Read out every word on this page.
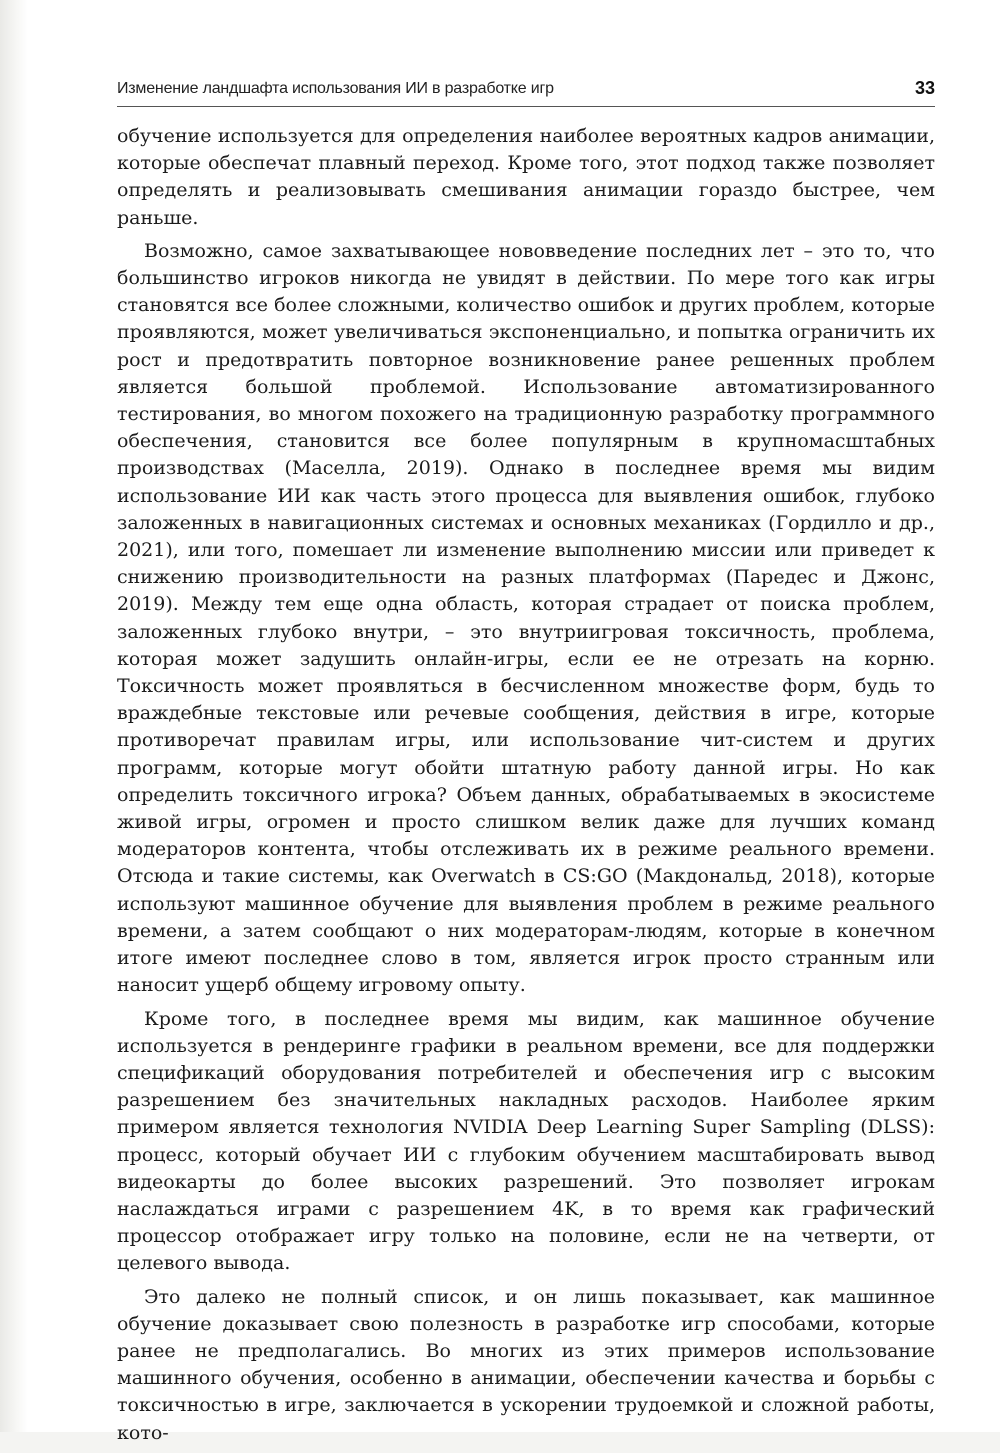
Изменение ландшафта использования ИИ в разработке игр	33

обучение используется для определения наиболее вероятных кадров анимации, которые обеспечат плавный переход. Кроме того, этот подход также позволяет определять и реализовывать смешивания анимации гораздо быстрее, чем раньше.

Возможно, самое захватывающее нововведение последних лет – это то, что большинство игроков никогда не увидят в действии. По мере того как игры становятся все более сложными, количество ошибок и других проблем, которые проявляются, может увеличиваться экспоненциально, и попытка ограничить их рост и предотвратить повторное возникновение ранее решенных проблем является большой проблемой. Использование автоматизированного тестирования, во многом похожего на традиционную разработку программного обеспечения, становится все более популярным в крупномасштабных производствах (Маселла, 2019). Однако в последнее время мы видим использование ИИ как часть этого процесса для выявления ошибок, глубоко заложенных в навигационных системах и основных механиках (Гордилло и др., 2021), или того, помешает ли изменение выполнению миссии или приведет к снижению производительности на разных платформах (Паредес и Джонс, 2019). Между тем еще одна область, которая страдает от поиска проблем, заложенных глубоко внутри, – это внутриигровая токсичность, проблема, которая может задушить онлайн-игры, если ее не отрезать на корню. Токсичность может проявляться в бесчисленном множестве форм, будь то враждебные текстовые или речевые сообщения, действия в игре, которые противоречат правилам игры, или использование чит-систем и других программ, которые могут обойти штатную работу данной игры. Но как определить токсичного игрока? Объем данных, обрабатываемых в экосистеме живой игры, огромен и просто слишком велик даже для лучших команд модераторов контента, чтобы отслеживать их в режиме реального времени. Отсюда и такие системы, как Overwatch в CS:GO (Макдональд, 2018), которые используют машинное обучение для выявления проблем в режиме реального времени, а затем сообщают о них модераторам-людям, которые в конечном итоге имеют последнее слово в том, является игрок просто странным или наносит ущерб общему игровому опыту.

Кроме того, в последнее время мы видим, как машинное обучение используется в рендеринге графики в реальном времени, все для поддержки спецификаций оборудования потребителей и обеспечения игр с высоким разрешением без значительных накладных расходов. Наиболее ярким примером является технология NVIDIA Deep Learning Super Sampling (DLSS): процесс, который обучает ИИ с глубоким обучением масштабировать вывод видеокарты до более высоких разрешений. Это позволяет игрокам наслаждаться играми с разрешением 4K, в то время как графический процессор отображает игру только на половине, если не на четверти, от целевого вывода.

Это далеко не полный список, и он лишь показывает, как машинное обучение доказывает свою полезность в разработке игр способами, которые ранее не предполагались. Во многих из этих примеров использование машинного обучения, особенно в анимации, обеспечении качества и борьбы с токсичностью в игре, заключается в ускорении трудоемкой и сложной работы, кото-
